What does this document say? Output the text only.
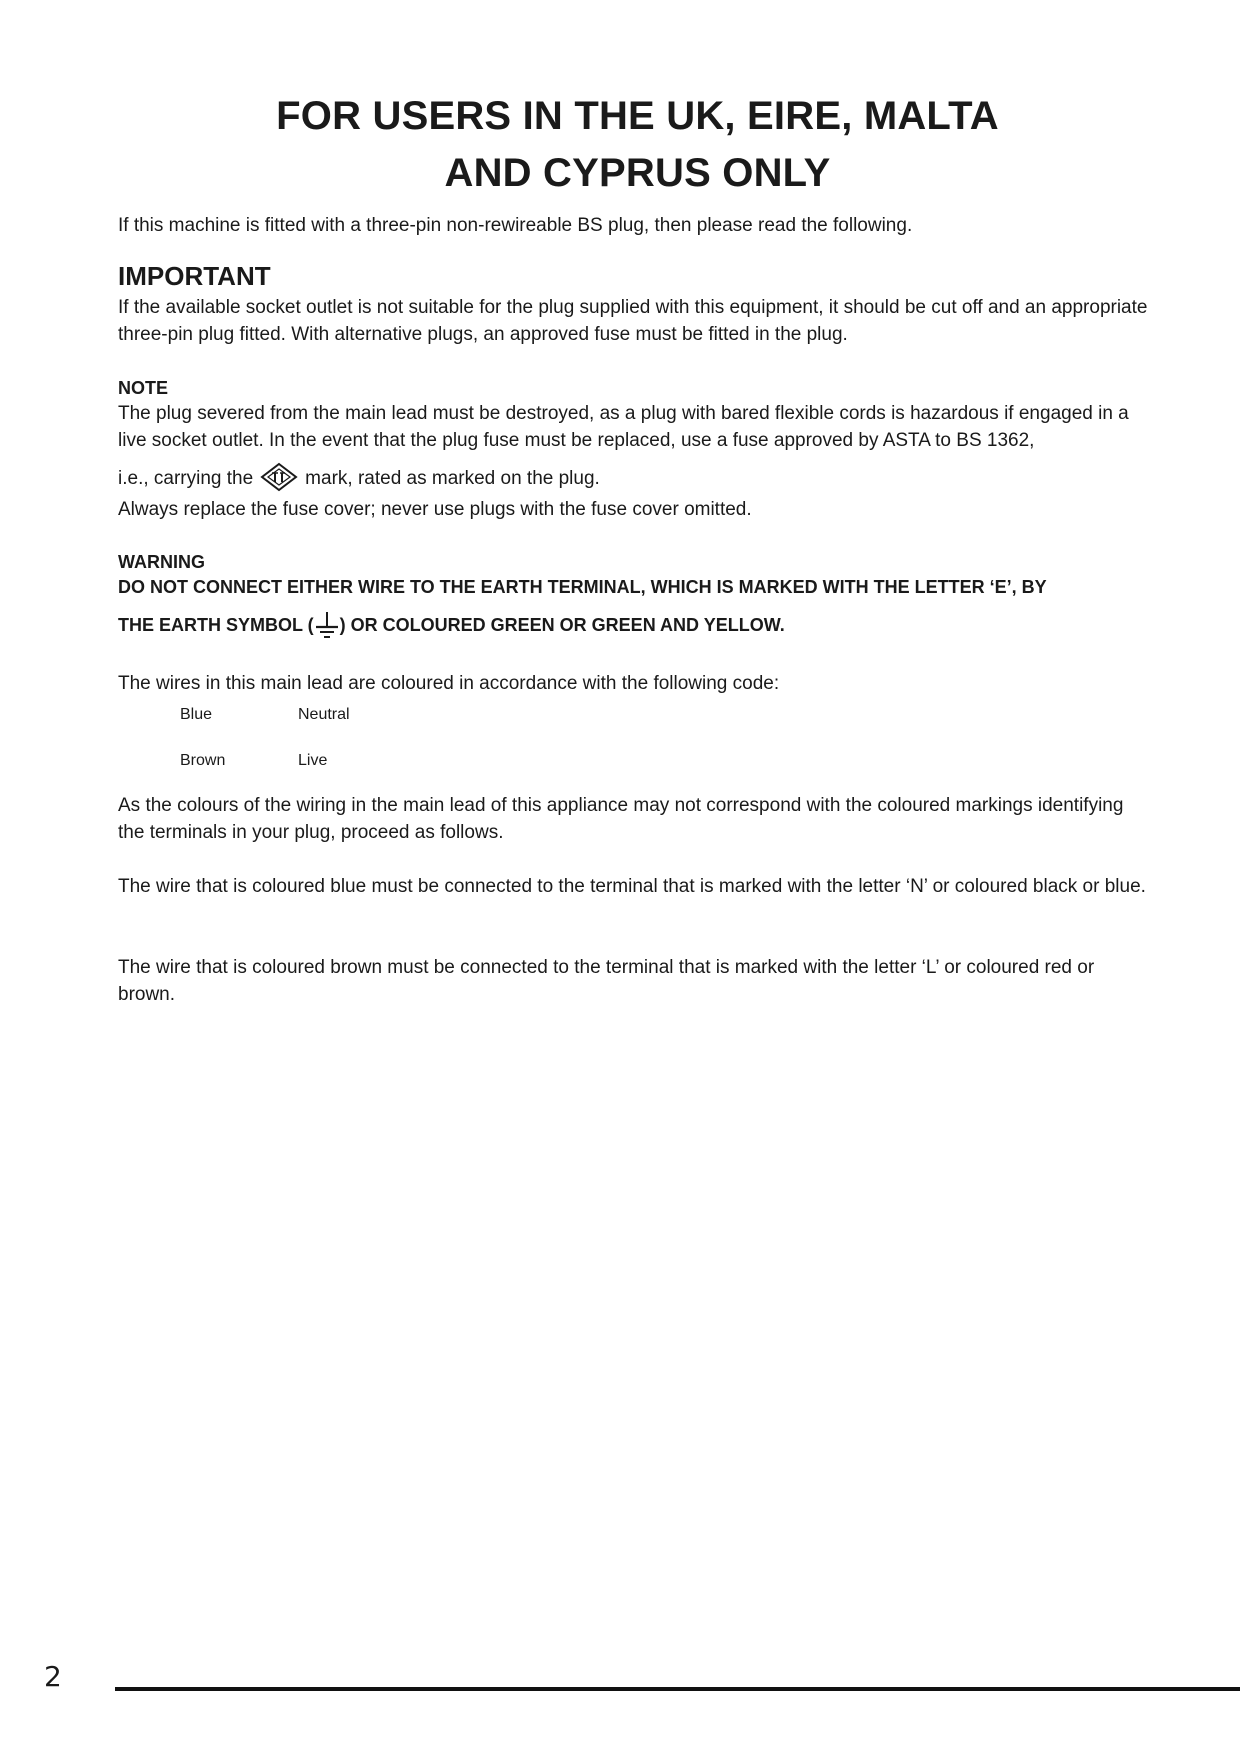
FOR USERS IN THE UK, EIRE, MALTA
AND CYPRUS ONLY
If this machine is fitted with a three-pin non-rewireable BS plug, then please read the following.
IMPORTANT
If the available socket outlet is not suitable for the plug supplied with this equipment, it should be cut off and an appropriate three-pin plug fitted. With alternative plugs, an approved fuse must be fitted in the plug.
NOTE
The plug severed from the main lead must be destroyed, as a plug with bared flexible cords is hazardous if engaged in a live socket outlet. In the event that the plug fuse must be replaced, use a fuse approved by ASTA to BS 1362,
i.e., carrying the	mark, rated as marked on the plug.
Always replace the fuse cover; never use plugs with the fuse cover omitted.
WARNING
DO NOT CONNECT EITHER WIRE TO THE EARTH TERMINAL, WHICH IS MARKED WITH THE LETTER ‘E’, BY
THE EARTH SYMBOL ( ) OR COLOURED GREEN OR GREEN AND YELLOW.
The wires in this main lead are coloured in accordance with the following code:
Blue	Neutral
Brown	Live
As the colours of the wiring in the main lead of this appliance may not correspond with the coloured markings identifying the terminals in your plug, proceed as follows.
The wire that is coloured blue must be connected to the terminal that is marked with the letter ‘N’ or coloured black or blue.
The wire that is coloured brown must be connected to the terminal that is marked with the letter ‘L’ or coloured red or brown.
2
